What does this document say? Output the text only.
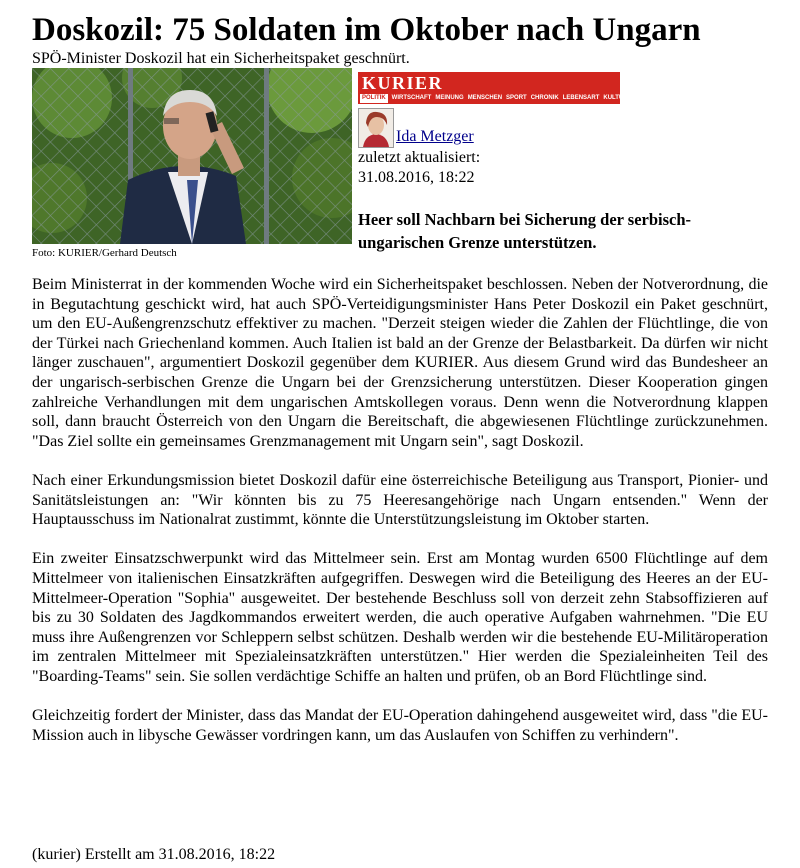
Doskozil: 75 Soldaten im Oktober nach Ungarn
SPÖ-Minister Doskozil hat ein Sicherheitspaket geschnürt.
Foto: KURIER/Gerhard Deutsch
KURIER
POLITIK	WIRTSCHAFT MEINUNG MENSCHEN SPORT CHRONIK LEBENSART KULTUR KULT VIDEO
Ida Metzger
zuletzt aktualisiert:
31.08.2016, 18:22
Heer soll Nachbarn bei Sicherung der serbisch-ungarischen Grenze unterstützen.

Beim Ministerrat in der kommenden Woche wird ein Sicherheitspaket beschlossen. Neben der Notverordnung, die in Begutachtung geschickt wird, hat auch SPÖ-Verteidigungsminister Hans Peter Doskozil ein Paket geschnürt, um den EU-Außengrenzschutz effektiver zu machen. "Derzeit steigen wieder die Zahlen der Flüchtlinge, die von der Türkei nach Griechenland kommen. Auch Italien ist bald an der Grenze der Belastbarkeit. Da dürfen wir nicht länger zuschauen", argumentiert Doskozil gegenüber dem KURIER. Aus diesem Grund wird das Bundesheer an der ungarisch-serbischen Grenze die Ungarn bei der Grenzsicherung unterstützen. Dieser Kooperation gingen zahlreiche Verhandlungen mit dem ungarischen Amtskollegen voraus. Denn wenn die Notverordnung klappen soll, dann braucht Österreich von den Ungarn die Bereitschaft, die abgewiesenen Flüchtlinge zurückzunehmen. "Das Ziel sollte ein gemeinsames Grenzmanagement mit Ungarn sein", sagt Doskozil.

Nach einer Erkundungsmission bietet Doskozil dafür eine österreichische Beteiligung aus Transport, Pionier- und Sanitätsleistungen an: "Wir könnten bis zu 75 Heeresangehörige nach Ungarn entsenden." Wenn der Hauptausschuss im Nationalrat zustimmt, könnte die Unterstützungsleistung im Oktober starten.

Ein zweiter Einsatzschwerpunkt wird das Mittelmeer sein. Erst am Montag wurden 6500 Flüchtlinge auf dem Mittelmeer von italienischen Einsatzkräften aufgegriffen. Deswegen wird die Beteiligung des Heeres an der EU-Mittelmeer-Operation "Sophia" ausgeweitet. Der bestehende Beschluss soll von derzeit zehn Stabsoffizieren auf bis zu 30 Soldaten des Jagdkommandos erweitert werden, die auch operative Aufgaben wahrnehmen. "Die EU muss ihre Außengrenzen vor Schleppern selbst schützen. Deshalb werden wir die bestehende EU-Militäroperation im zentralen Mittelmeer mit Spezialeinsatzkräften unterstützen." Hier werden die Spezialeinheiten Teil des "Boarding-Teams" sein. Sie sollen verdächtige Schiffe an halten und prüfen, ob an Bord Flüchtlinge sind.

Gleichzeitig fordert der Minister, dass das Mandat der EU-Operation dahingehend ausgeweitet wird, dass "die EU-Mission auch in libysche Gewässer vordringen kann, um das Auslaufen von Schiffen zu verhindern".

(kurier) Erstellt am 31.08.2016, 18:22
